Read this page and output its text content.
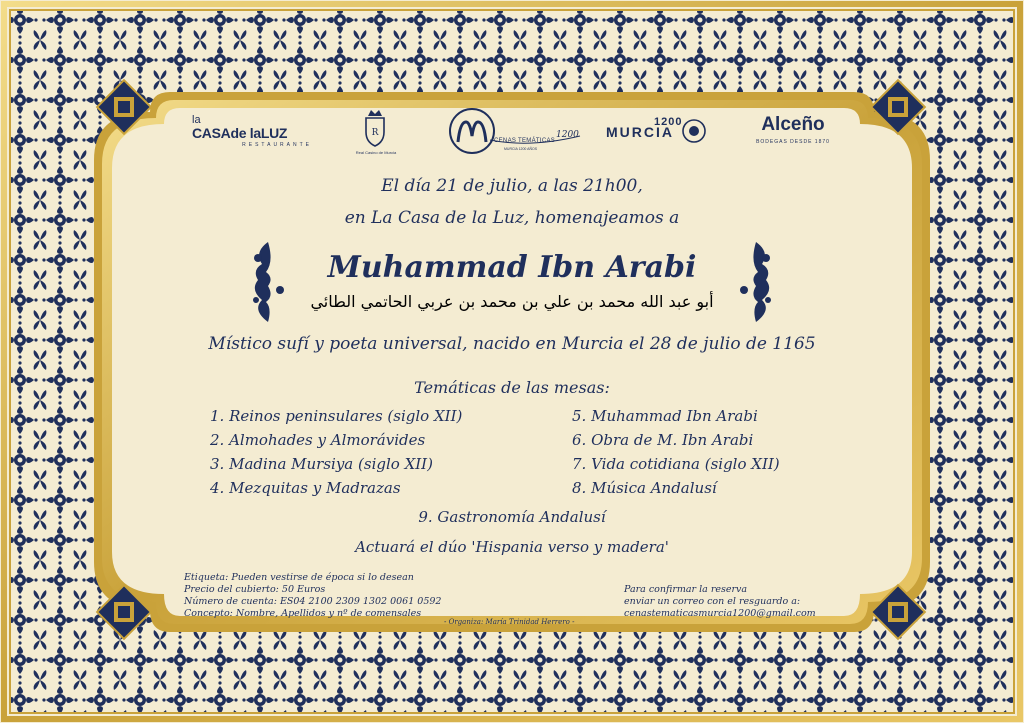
R
la
CASAde laLUZ
RESTAURANTE
Real Casino de Murcia
CENAS TEMÁTICAS
MURCIA 1200 AÑOS
1200
1200
MURCIA	Alceño
BODEGAS DESDE 1870
El día 21 de julio, a las 21h00,
en La Casa de la Luz, homenajeamos a
Muhammad Ibn Arabi
أبو عبد الله محمد بن علي بن محمد بن عربي الحاتمي الطائي
Místico sufí y poeta universal, nacido en Murcia el 28 de julio de 1165
Temáticas de las mesas:
1. Reinos peninsulares (siglo XII)
2. Almohades y Almorávides
3. Madina Mursiya (siglo XII)
4. Mezquitas y Madrazas
5. Muhammad Ibn Arabi
6. Obra de M. Ibn Arabi
7. Vida cotidiana (siglo XII)
8. Música Andalusí
9. Gastronomía Andalusí
Actuará el dúo 'Hispania verso y madera'
Etiqueta: Pueden vestirse de época si lo desean
Precio del cubierto: 50 Euros
Número de cuenta: ES04 2100 2309 1302 0061 0592
Concepto: Nombre, Apellidos y nº de comensales
- Organiza: María Trinidad Herrero -
Para confirmar la reserva
enviar un correo con el resguardo a:
cenastematicasmurcia1200@gmail.com
